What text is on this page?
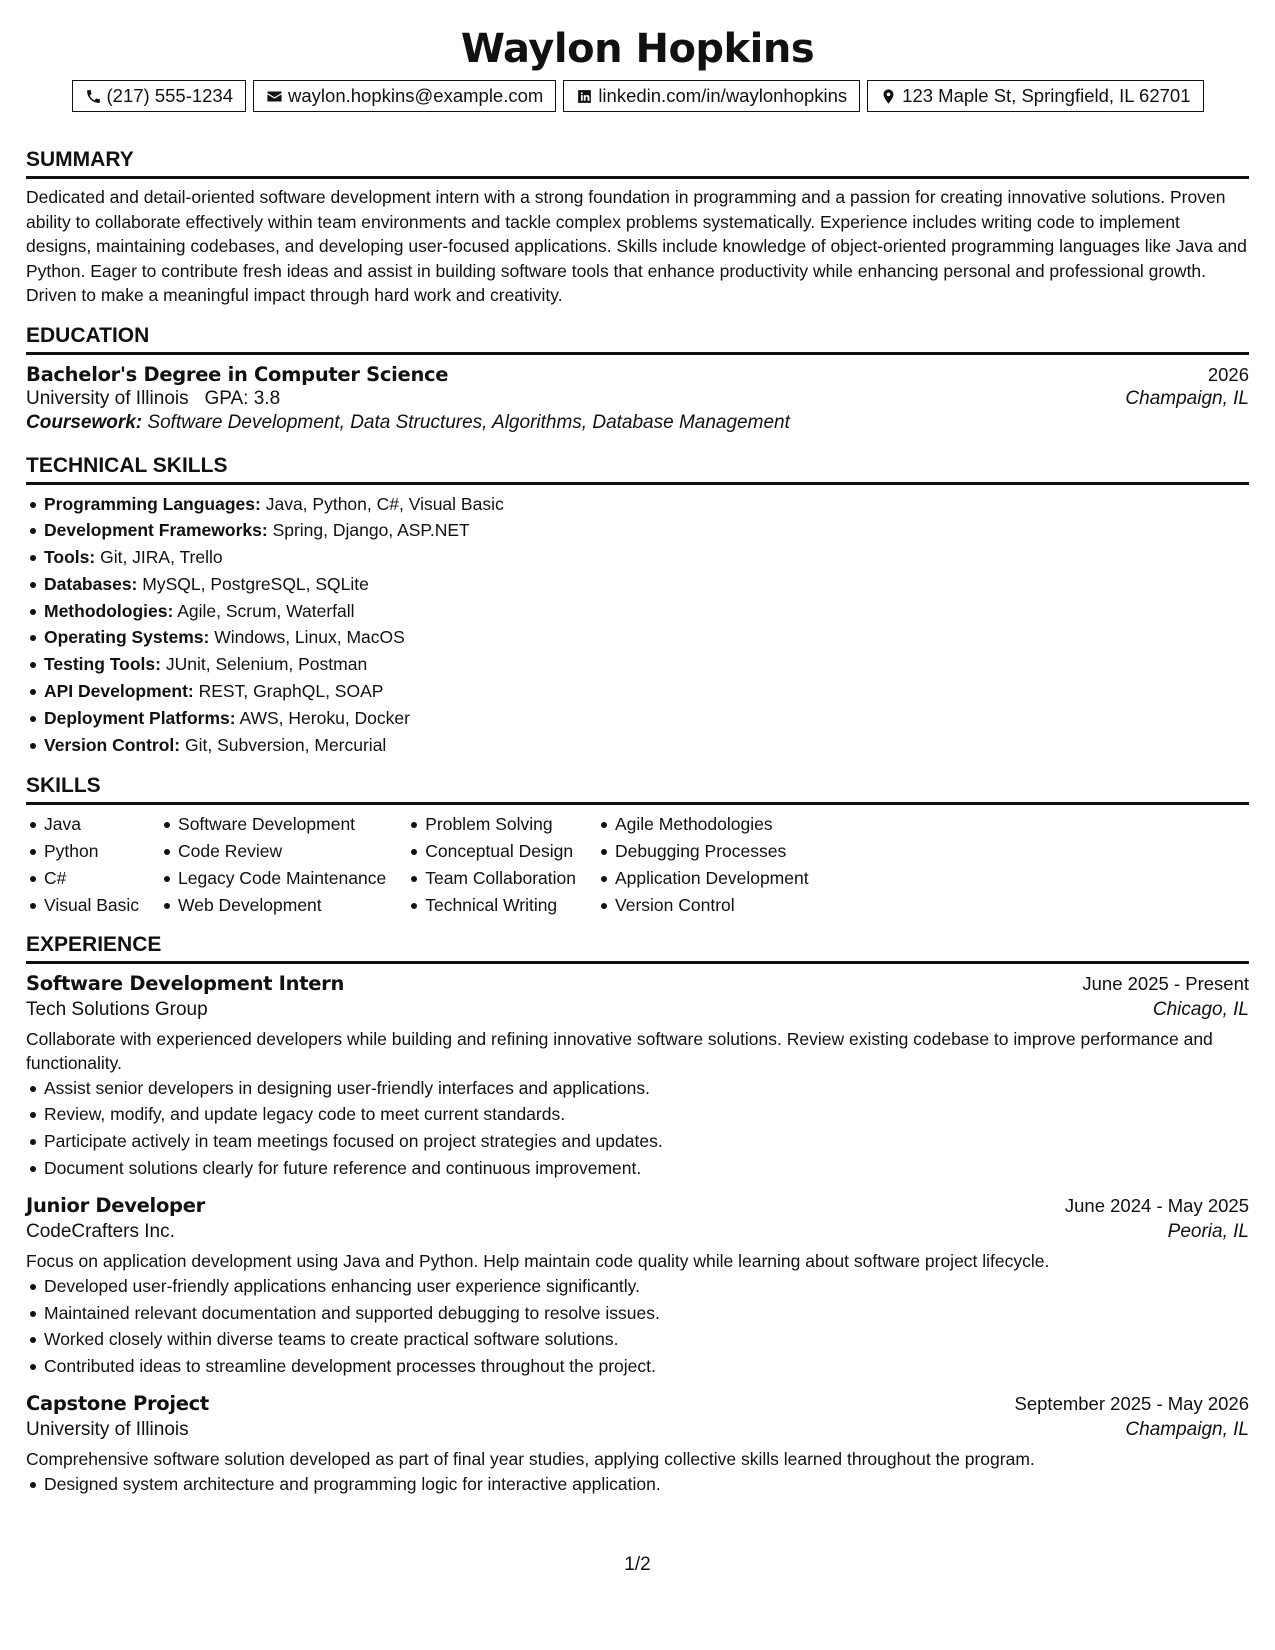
Waylon Hopkins
(217) 555-1234	waylon.hopkins@example.com	linkedin.com/in/waylonhopkins	123 Maple St, Springfield, IL 62701
SUMMARY

Dedicated and detail-oriented software development intern with a strong foundation in programming and a passion for creating innovative solutions. Proven ability to collaborate effectively within team environments and tackle complex problems systematically. Experience includes writing code to implement designs, maintaining codebases, and developing user-focused applications. Skills include knowledge of object-oriented programming languages like Java and Python. Eager to contribute fresh ideas and assist in building software tools that enhance productivity while enhancing personal and professional growth. Driven to make a meaningful impact through hard work and creativity.

EDUCATION
Bachelor's Degree in Computer Science	2026
University of Illinois GPA: 3.8	Champaign, IL
Coursework: Software Development, Data Structures, Algorithms, Database Management
TECHNICAL SKILLS
Programming Languages: Java, Python, C#, Visual Basic
Development Frameworks: Spring, Django, ASP.NET
Tools: Git, JIRA, Trello
Databases: MySQL, PostgreSQL, SQLite
Methodologies: Agile, Scrum, Waterfall
Operating Systems: Windows, Linux, MacOS
Testing Tools: JUnit, Selenium, Postman
API Development: REST, GraphQL, SOAP
Deployment Platforms: AWS, Heroku, Docker
Version Control: Git, Subversion, Mercurial
SKILLS
Java
Python
C#
Visual Basic
Software Development
Code Review
Legacy Code Maintenance
Web Development
Problem Solving
Conceptual Design
Team Collaboration
Technical Writing
Agile Methodologies
Debugging Processes
Application Development
Version Control
EXPERIENCE
Software Development Intern	June 2025 - Present
Tech Solutions Group	Chicago, IL

Collaborate with experienced developers while building and refining innovative software solutions. Review existing codebase to improve performance and functionality.

Assist senior developers in designing user-friendly interfaces and applications.
Review, modify, and update legacy code to meet current standards.
Participate actively in team meetings focused on project strategies and updates.
Document solutions clearly for future reference and continuous improvement.
Junior Developer	June 2024 - May 2025
CodeCrafters Inc.	Peoria, IL

Focus on application development using Java and Python. Help maintain code quality while learning about software project lifecycle.

Developed user-friendly applications enhancing user experience significantly.
Maintained relevant documentation and supported debugging to resolve issues.
Worked closely within diverse teams to create practical software solutions.
Contributed ideas to streamline development processes throughout the project.
Capstone Project	September 2025 - May 2026
University of Illinois	Champaign, IL

Comprehensive software solution developed as part of final year studies, applying collective skills learned throughout the program.

Designed system architecture and programming logic for interactive application.
1/2
